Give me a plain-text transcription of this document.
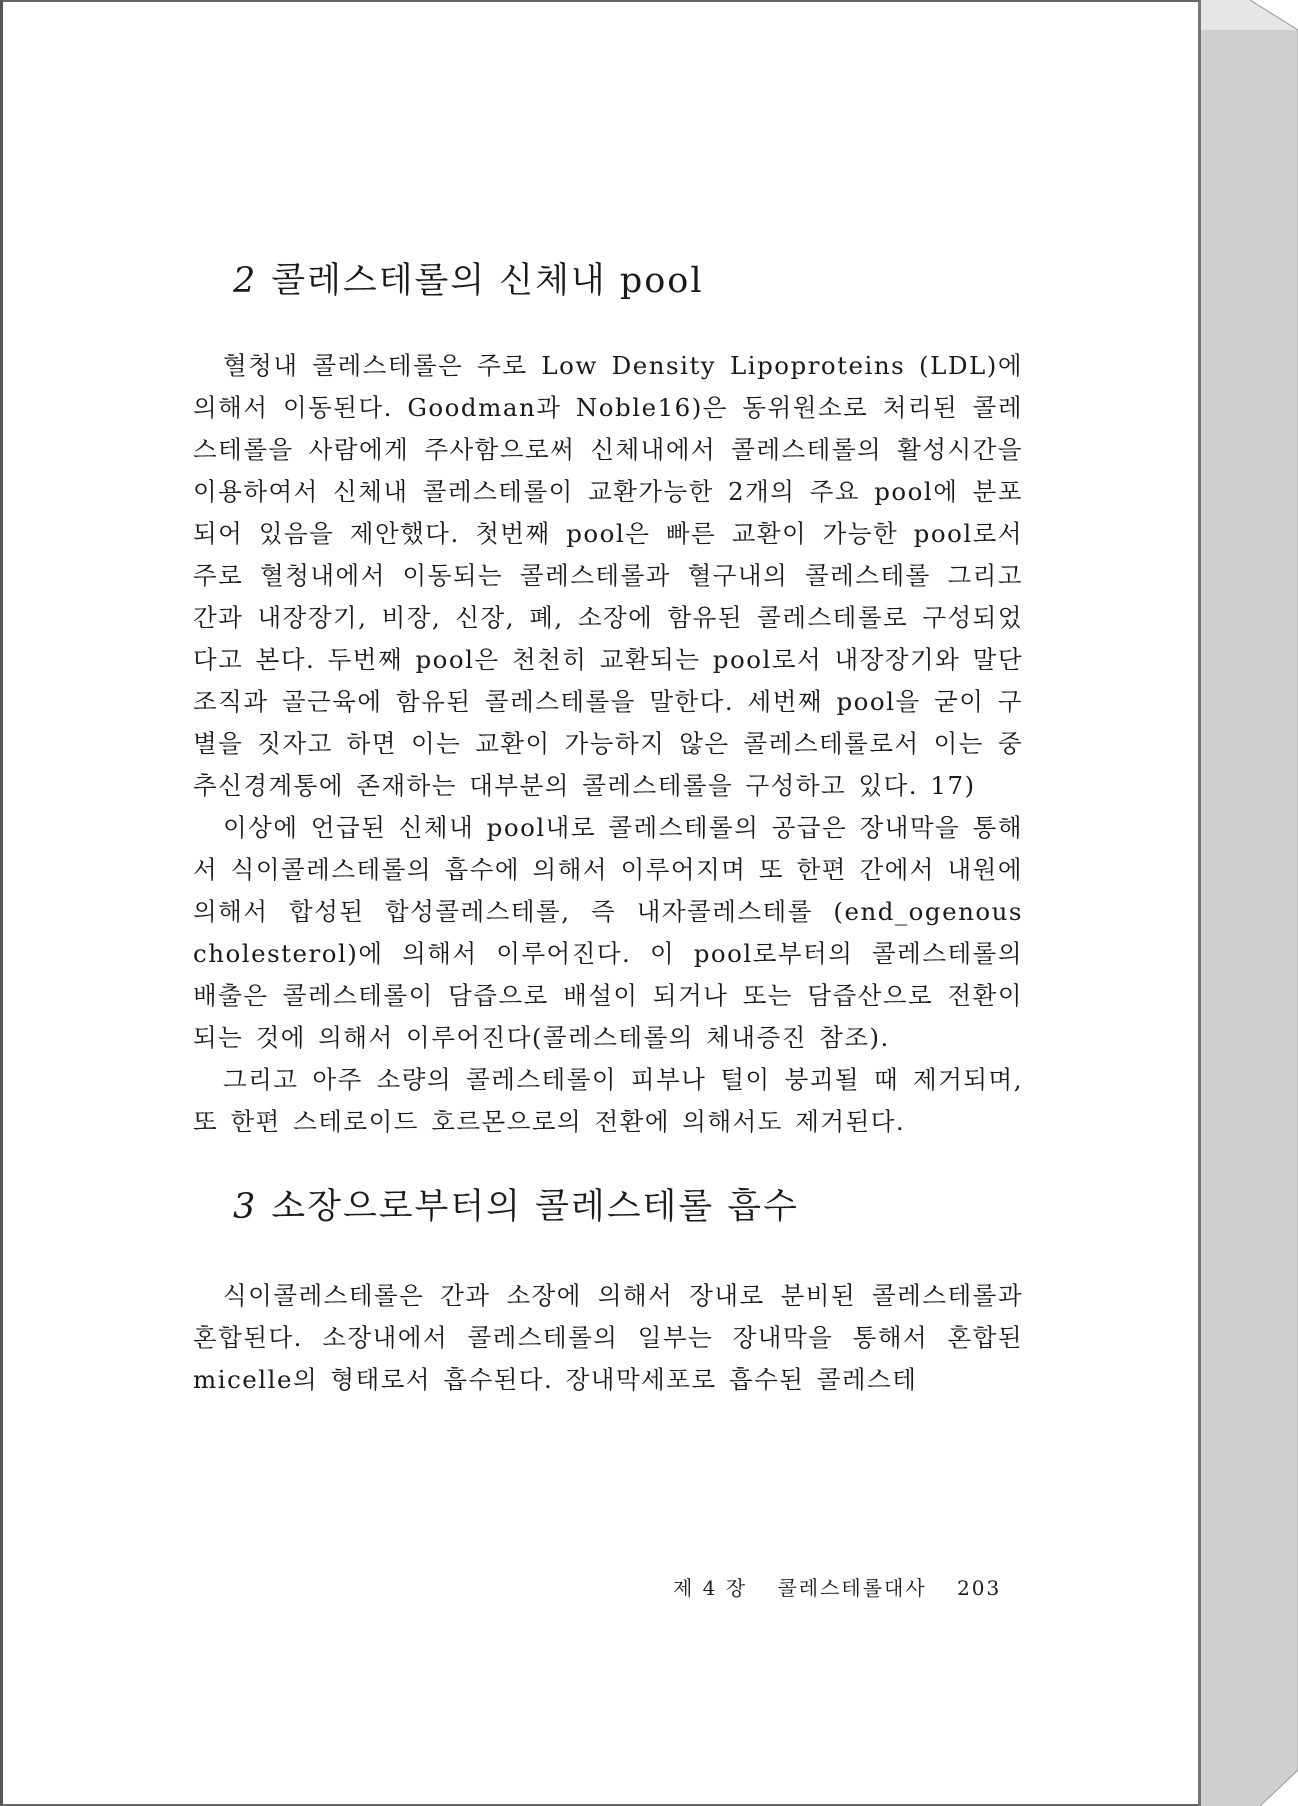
2 콜레스테롤의 신체내 pool

혈청내 콜레스테롤은 주로 Low Density Lipoproteins (LDL)에 의해서 이동된다. Goodman과 Noble16)은 동위원소로 처리된 콜레스테롤을 사람에게 주사함으로써 신체내에서 콜레스테롤의 활성시간을 이용하여서 신체내 콜레스테롤이 교환가능한 2개의 주요 pool에 분포되어 있음을 제안했다. 첫번째 pool은 빠른 교환이 가능한 pool로서 주로 혈청내에서 이동되는 콜레스테롤과 혈구내의 콜레스테롤 그리고 간과 내장장기, 비장, 신장, 폐, 소장에 함유된 콜레스테롤로 구성되었다고 본다. 두번째 pool은 천천히 교환되는 pool로서 내장장기와 말단조직과 골근육에 함유된 콜레스테롤을 말한다. 세번째 pool을 굳이 구별을 짓자고 하면 이는 교환이 가능하지 않은 콜레스테롤로서 이는 중추신경계통에 존재하는 대부분의 콜레스테롤을 구성하고 있다. 17)

이상에 언급된 신체내 pool내로 콜레스테롤의 공급은 장내막을 통해서 식이콜레스테롤의 흡수에 의해서 이루어지며 또 한편 간에서 내원에 의해서 합성된 합성콜레스테롤, 즉 내자콜레스테롤 (end_ogenous cholesterol)에 의해서 이루어진다. 이 pool로부터의 콜레스테롤의 배출은 콜레스테롤이 담즙으로 배설이 되거나 또는 담즙산으로 전환이 되는 것에 의해서 이루어진다(콜레스테롤의 체내증진 참조).

그리고 아주 소량의 콜레스테롤이 피부나 털이 붕괴될 때 제거되며, 또 한편 스테로이드 호르몬으로의 전환에 의해서도 제거된다.

3 소장으로부터의 콜레스테롤 흡수

식이콜레스테롤은 간과 소장에 의해서 장내로 분비된 콜레스테롤과 혼합된다. 소장내에서 콜레스테롤의 일부는 장내막을 통해서 혼합된 micelle의 형태로서 흡수된다. 장내막세포로 흡수된 콜레스테

제 4 장 콜레스테롤대사 203
